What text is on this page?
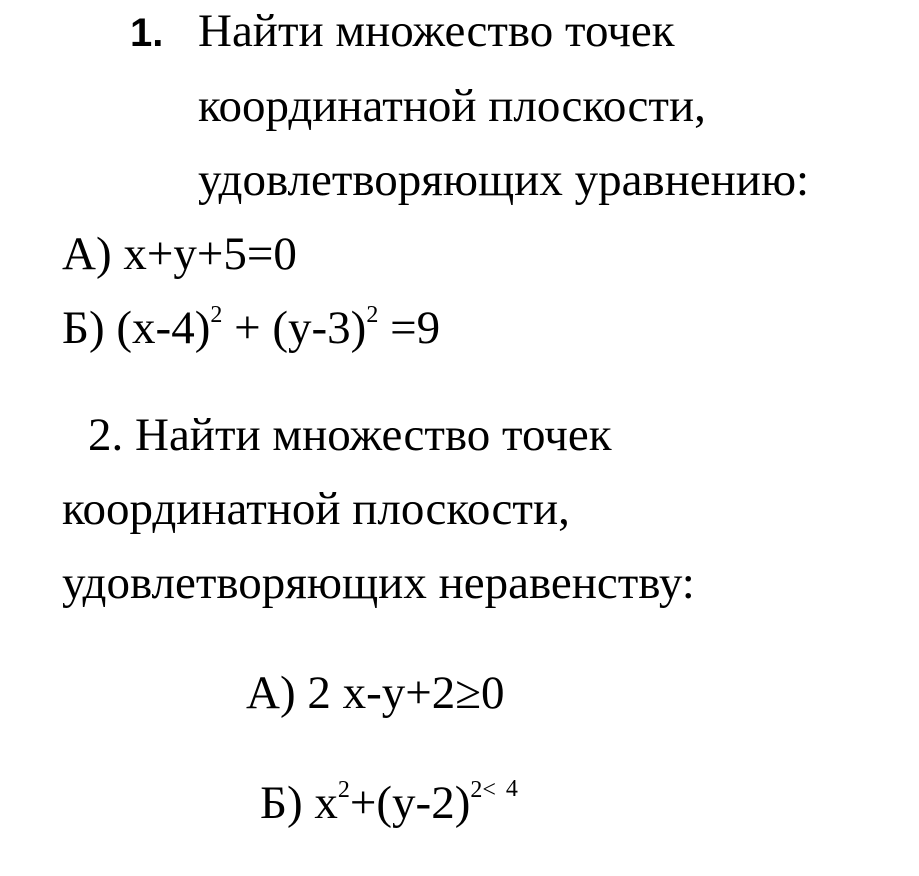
1. Найти множество точек
координатной плоскости,
удовлетворяющих уравнению:
А) x+y+5=0
Б) $(x-4)^2 + (y-3)^2 =9$
2. Найти множество точек
координатной плоскости,
удовлетворяющих неравенству:
А) 2 x-y+2≥0
Б) $x^2+(y-2)^{2<}$ $^4$
